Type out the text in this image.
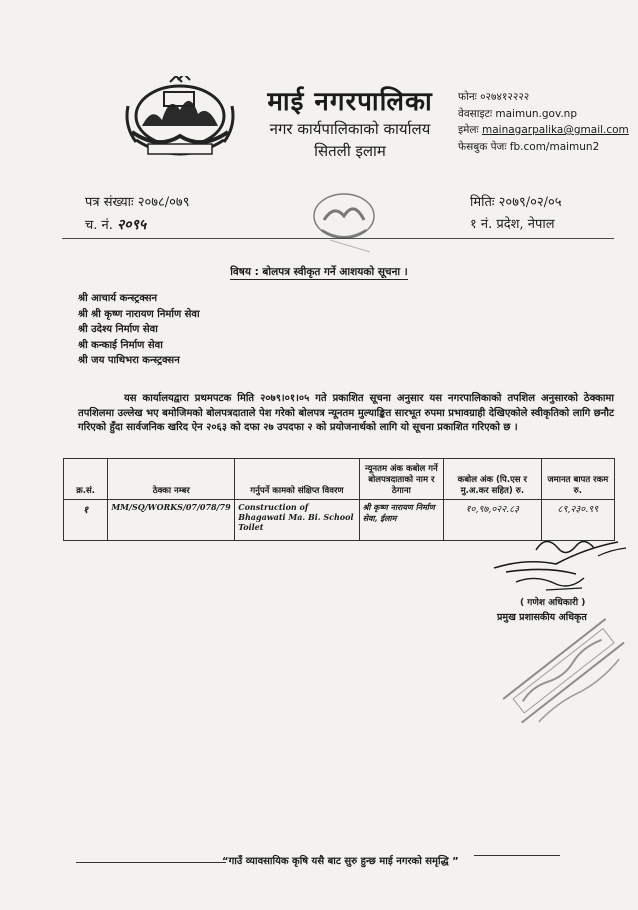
माई नगरपालिका
नगर कार्यपालिकाको कार्यालय
सितली इलाम
फोनः ०२७४१२२२२
वेवसाइटः maimun.gov.np
इमेलः mainagarpalika@gmail.com
फेसबुक पेजः fb.com/maimun2
पत्र संख्याः २०७८/०७९
च. नं. २०९५
मितिः २०७९/०२/०५
१ नं. प्रदेश, नेपाल
विषय : बोलपत्र स्वीकृत गर्ने आशयको सूचना ।
श्री आचार्य कन्स्ट्रक्सन
श्री श्री कृष्ण नारायण निर्माण सेवा
श्री उदेश्य निर्माण सेवा
श्री कन्काई निर्माण सेवा
श्री जय पाथिभरा कन्स्ट्रक्सन
यस कार्यालयद्वारा प्रथमपटक मिति २०७९।०१।०५ गते प्रकाशित सूचना अनुसार यस नगरपालिकाको तपशिल अनुसारको ठेक्कामा तपशिलमा उल्लेख भए बमोजिमको बोलपत्रदाताले पेश गरेको बोलपत्र न्यूनतम मुल्याङ्कित सारभूत रुपमा प्रभावग्राही देखिएकोले स्वीकृतिको लागि छनौट गरिएको हुँदा सार्वजनिक खरिद ऐन २०६३ को दफा २७ उपदफा २ को प्रयोजनार्थको लागि यो सूचना प्रकाशित गरिएको छ ।
क्र.सं.	ठेक्का नम्बर	गर्नुपर्ने कामको संक्षिप्त विवरण	न्यूनतम अंक कबोल गर्ने बोलपत्रदाताको नाम र ठेगाना	कबोल अंक (पि.एस र मु.अ.कर सहित) रु.	जमानत बापत रकम रु.
१	MM/SQ/WORKS/07/078/79	Construction of Bhagawati Ma. Bi. School Toilet	श्री कृष्ण नारायण निर्माण सेवा, ईलाम	१०,९७,०२२.८३	८९,२३०.९९
( गणेश अधिकारी )
प्रमुख प्रशासकीय अधिकृत
“गाउँ व्यावसायिक कृषि यसै बाट सुरु हुन्छ माई नगरको समृद्धि ”
